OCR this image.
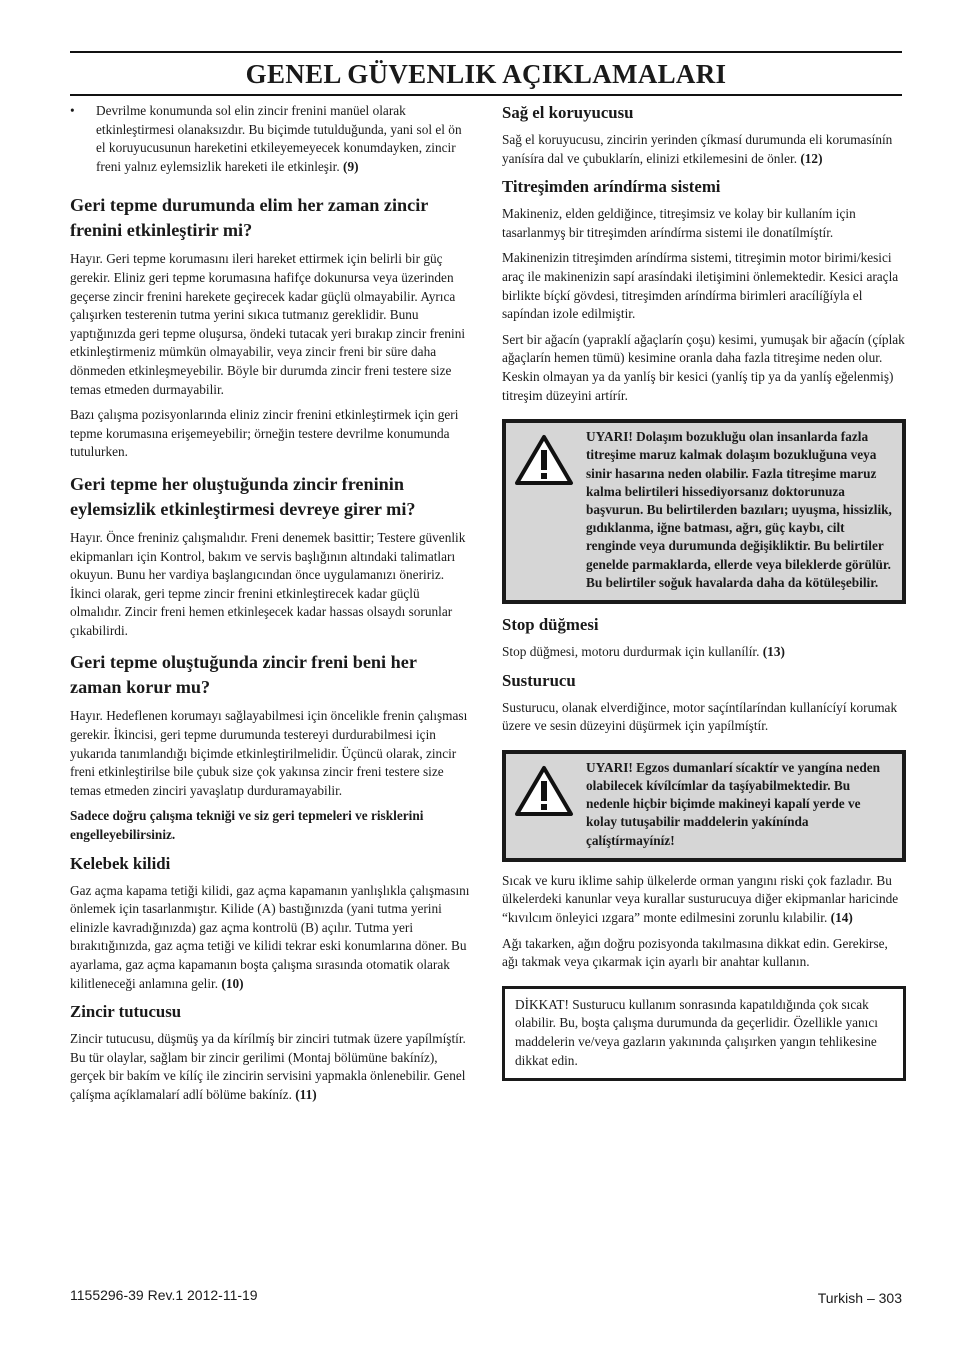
GENEL GÜVENLIK AÇIKLAMALARI
•	Devrilme konumunda sol elin zincir frenini manüel olarak etkinleştirmesi olanaksızdır. Bu biçimde tutulduğunda, yani sol el ön el koruyucusunun hareketini etkileyemeyecek konumdayken, zincir freni yalnız eylemsizlik hareketi ile etkinleşir. (9)

Geri tepme durumunda elim her zaman zincir frenini etkinleştirir mi?

Hayır. Geri tepme korumasını ileri hareket ettirmek için belirli bir güç gerekir. Eliniz geri tepme korumasına hafifçe dokunursa veya üzerinden geçerse zincir frenini harekete geçirecek kadar güçlü olmayabilir. Ayrıca çalışırken testerenin tutma yerini sıkıca tutmanız gereklidir. Bunu yaptığınızda geri tepme oluşursa, öndeki tutacak yeri bırakıp zincir frenini etkinleştirmeniz mümkün olmayabilir, veya zincir freni bir süre daha dönmeden etkinleşmeyebilir. Böyle bir durumda zincir freni testere size temas etmeden durmayabilir.

Bazı çalışma pozisyonlarında eliniz zincir frenini etkinleştirmek için geri tepme korumasına erişemeyebilir; örneğin testere devrilme konumunda tutulurken.

Geri tepme her oluştuğunda zincir freninin eylemsizlik etkinleştirmesi devreye girer mi?

Hayır. Önce freniniz çalışmalıdır. Freni denemek basittir; Testere güvenlik ekipmanları için Kontrol, bakım ve servis başlığının altındaki talimatları okuyun. Bunu her vardiya başlangıcından önce uygulamanızı öneririz. İkinci olarak, geri tepme zincir frenini etkinleştirecek kadar güçlü olmalıdır. Zincir freni hemen etkinleşecek kadar hassas olsaydı sorunlar çıkabilirdi.

Geri tepme oluştuğunda zincir freni beni her zaman korur mu?

Hayır. Hedeflenen korumayı sağlayabilmesi için öncelikle frenin çalışması gerekir. İkincisi, geri tepme durumunda testereyi durdurabilmesi için yukarıda tanımlandığı biçimde etkinleştirilmelidir. Üçüncü olarak, zincir freni etkinleştirilse bile çubuk size çok yakınsa zincir freni testere size temas etmeden zinciri yavaşlatıp durduramayabilir.

Sadece doğru çalışma tekniği ve siz geri tepmeleri ve risklerini engelleyebilirsiniz.

Kelebek kilidi

Gaz açma kapama tetiği kilidi, gaz açma kapamanın yanlışlıkla çalışmasını önlemek için tasarlanmıştır. Kilide (A) bastığınızda (yani tutma yerini elinizle kavradığınızda) gaz açma kontrolü (B) açılır. Tutma yeri bırakıtığınızda, gaz açma tetiği ve kilidi tekrar eski konumlarına döner. Bu ayarlama, gaz açma kapamanın boşta çalışma sırasında otomatik olarak kilitleneceği anlamına gelir. (10)

Zincir tutucusu

Zincir tutucusu, düşmüş ya da kírílmíş bir zinciri tutmak üzere yapílmíştír. Bu tür olaylar, sağlam bir zincir gerilimi (Montaj bölümüne bakíníz), gerçek bir bakím ve kílíç ile zincirin servisini yapmakla önlenebilir. Genel çalíşma açíklamalarí adlí bölüme bakíníz. (11)

Sağ el koruyucusu

Sağ el koruyucusu, zincirin yerinden çíkmasí durumunda eli korumasínín yanísíra dal ve çubuklarín, elinizi etkilemesini de önler. (12)

Titreşimden aríndírma sistemi

Makineniz, elden geldiğince, titreşimsiz ve kolay bir kullaním için tasarlanmyş bir titreşimden aríndírma sistemi ile donatílmíştír.

Makinenizin titreşimden aríndírma sistemi, titreşimin motor birimi/kesici araç ile makinenizin sapí arasíndaki iletişimini önlemektedir. Kesici araçla birlikte bíçkí gövdesi, titreşimden aríndírma birimleri aracílíğíyla el sapíndan izole edilmiştir.

Sert bir ağacín (yapraklí ağaçlarín çoşu) kesimi, yumuşak bir ağacín (çíplak ağaçlarín hemen tümü) kesimine oranla daha fazla titreşime neden olur. Keskin olmayan ya da yanlíş bir kesici (yanlíş tip ya da yanlíş eğelenmiş) titreşim düzeyini artírír.

UYARI! Dolaşım bozukluğu olan insanlarda fazla titreşime maruz kalmak dolaşım bozukluğuna veya sinir hasarına neden olabilir. Fazla titreşime maruz kalma belirtileri hissediyorsanız doktorunuza başvurun. Bu belirtilerden bazıları; uyuşma, hissizlik, gıdıklanma, iğne batması, ağrı, güç kaybı, cilt renginde veya durumunda değişikliktir. Bu belirtiler genelde parmaklarda, ellerde veya bileklerde görülür. Bu belirtiler soğuk havalarda daha da kötüleşebilir.
Stop düğmesi

Stop düğmesi, motoru durdurmak için kullanílír. (13)

Susturucu

Susturucu, olanak elverdiğince, motor saçíntílaríndan kullanícíyí korumak üzere ve sesin düzeyini düşürmek için yapílmíştír.

UYARI! Egzos dumanlarí sícaktír ve yangína neden olabilecek kívílcímlar da taşíyabilmektedir. Bu nedenle hiçbir biçimde makineyi kapalí yerde ve kolay tutuşabilir maddelerin yakínínda çalíştírmayíníz!

Sıcak ve kuru iklime sahip ülkelerde orman yangını riski çok fazladır. Bu ülkelerdeki kanunlar veya kurallar susturucuya diğer ekipmanlar haricinde “kıvılcım önleyici ızgara” monte edilmesini zorunlu kılabilir. (14)

Ağı takarken, ağın doğru pozisyonda takılmasına dikkat edin. Gerekirse, ağı takmak veya çıkarmak için ayarlı bir anahtar kullanın.

DİKKAT! Susturucu kullanım sonrasında kapatıldığında çok sıcak olabilir. Bu, boşta çalışma durumunda da geçerlidir. Özellikle yanıcı maddelerin ve/veya gazların yakınında çalışırken yangın tehlikesine dikkat edin.

1155296-39 Rev.1 2012-11-19	Turkish – 303
